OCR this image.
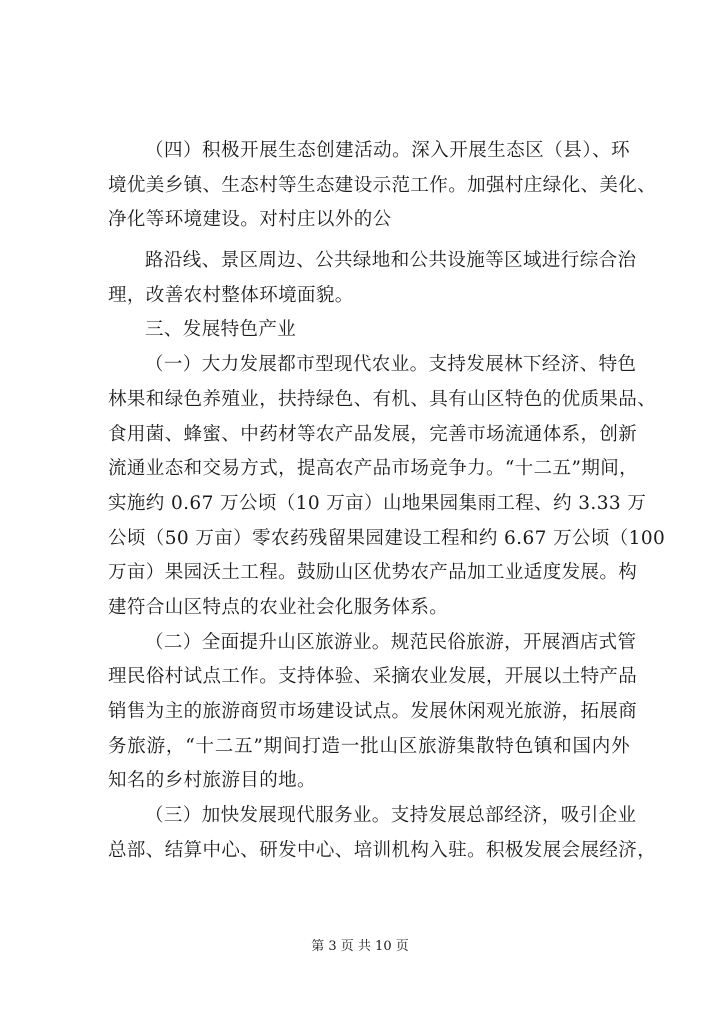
（四）积极开展生态创建活动。深入开展生态区（县）、环
境优美乡镇、生态村等生态建设示范工作。加强村庄绿化、美化、
净化等环境建设。对村庄以外的公
路沿线、景区周边、公共绿地和公共设施等区域进行综合治
理，改善农村整体环境面貌。
三、发展特色产业
（一）大力发展都市型现代农业。支持发展林下经济、特色
林果和绿色养殖业，扶持绿色、有机、具有山区特色的优质果品、
食用菌、蜂蜜、中药材等农产品发展，完善市场流通体系，创新
流通业态和交易方式，提高农产品市场竞争力。“十二五”期间，
实施约 0.67 万公顷（10 万亩）山地果园集雨工程、约 3.33 万
公顷（50 万亩）零农药残留果园建设工程和约 6.67 万公顷（100
万亩）果园沃土工程。鼓励山区优势农产品加工业适度发展。构
建符合山区特点的农业社会化服务体系。
（二）全面提升山区旅游业。规范民俗旅游，开展酒店式管
理民俗村试点工作。支持体验、采摘农业发展，开展以土特产品
销售为主的旅游商贸市场建设试点。发展休闲观光旅游，拓展商
务旅游，“十二五”期间打造一批山区旅游集散特色镇和国内外
知名的乡村旅游目的地。
（三）加快发展现代服务业。支持发展总部经济，吸引企业
总部、结算中心、研发中心、培训机构入驻。积极发展会展经济，
第 3 页 共 10 页
